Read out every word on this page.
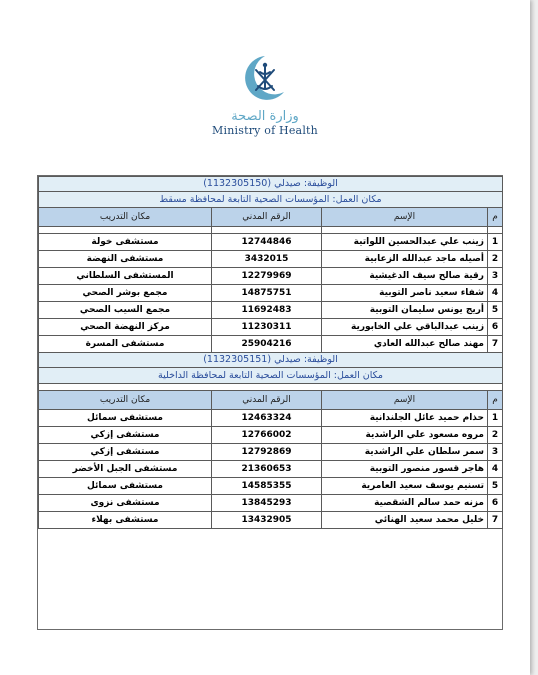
وزارة الصحة
Ministry of Health
الوظيفة: صيدلي (1132305150)			
مكان العمل: المؤسسات الصحية التابعة لمحافظة مسقط			
م	الإسم	الرقم المدني	مكان التدريب

1	زينب علي عبدالحسين اللواتية	12744846	مستشفى خولة
2	أصيله ماجد عبدالله الزعابية	3432015	مستشفى النهضة
3	رقية صالح سيف الدغيشية	12279969	المستشفى السلطاني
4	شفاء سعيد ناصر التوبية	14875751	مجمع بوشر الصحي
5	أريج يونس سليمان التوبية	11692483	مجمع السيب الصحي
6	زينب عبدالباقي علي الخابورية	11230311	مركز النهضة الصحي
7	مهند صالح عبدالله العادي	25904216	مستشفى المسرة
الوظيفة: صيدلي (1132305151)			
مكان العمل: المؤسسات الصحية التابعة لمحافظة الداخلية			

م	الإسم	الرقم المدني	مكان التدريب
1	حذام حميد عائل الجلندانية	12463324	مستشفى سمائل
2	مروه مسعود علي الراشدية	12766002	مستشفى إزكي
3	سمر سلطان علي الراشدية	12792869	مستشفى إزكي
4	هاجر قسور منصور التوبية	21360653	مستشفى الجبل الأخضر
5	تسنيم يوسف سعيد العامرية	14585355	مستشفى سمائل
6	مزنه حمد سالم الشقصية	13845293	مستشفى نزوى
7	خليل محمد سعيد الهنائي	13432905	مستشفى بهلاء
